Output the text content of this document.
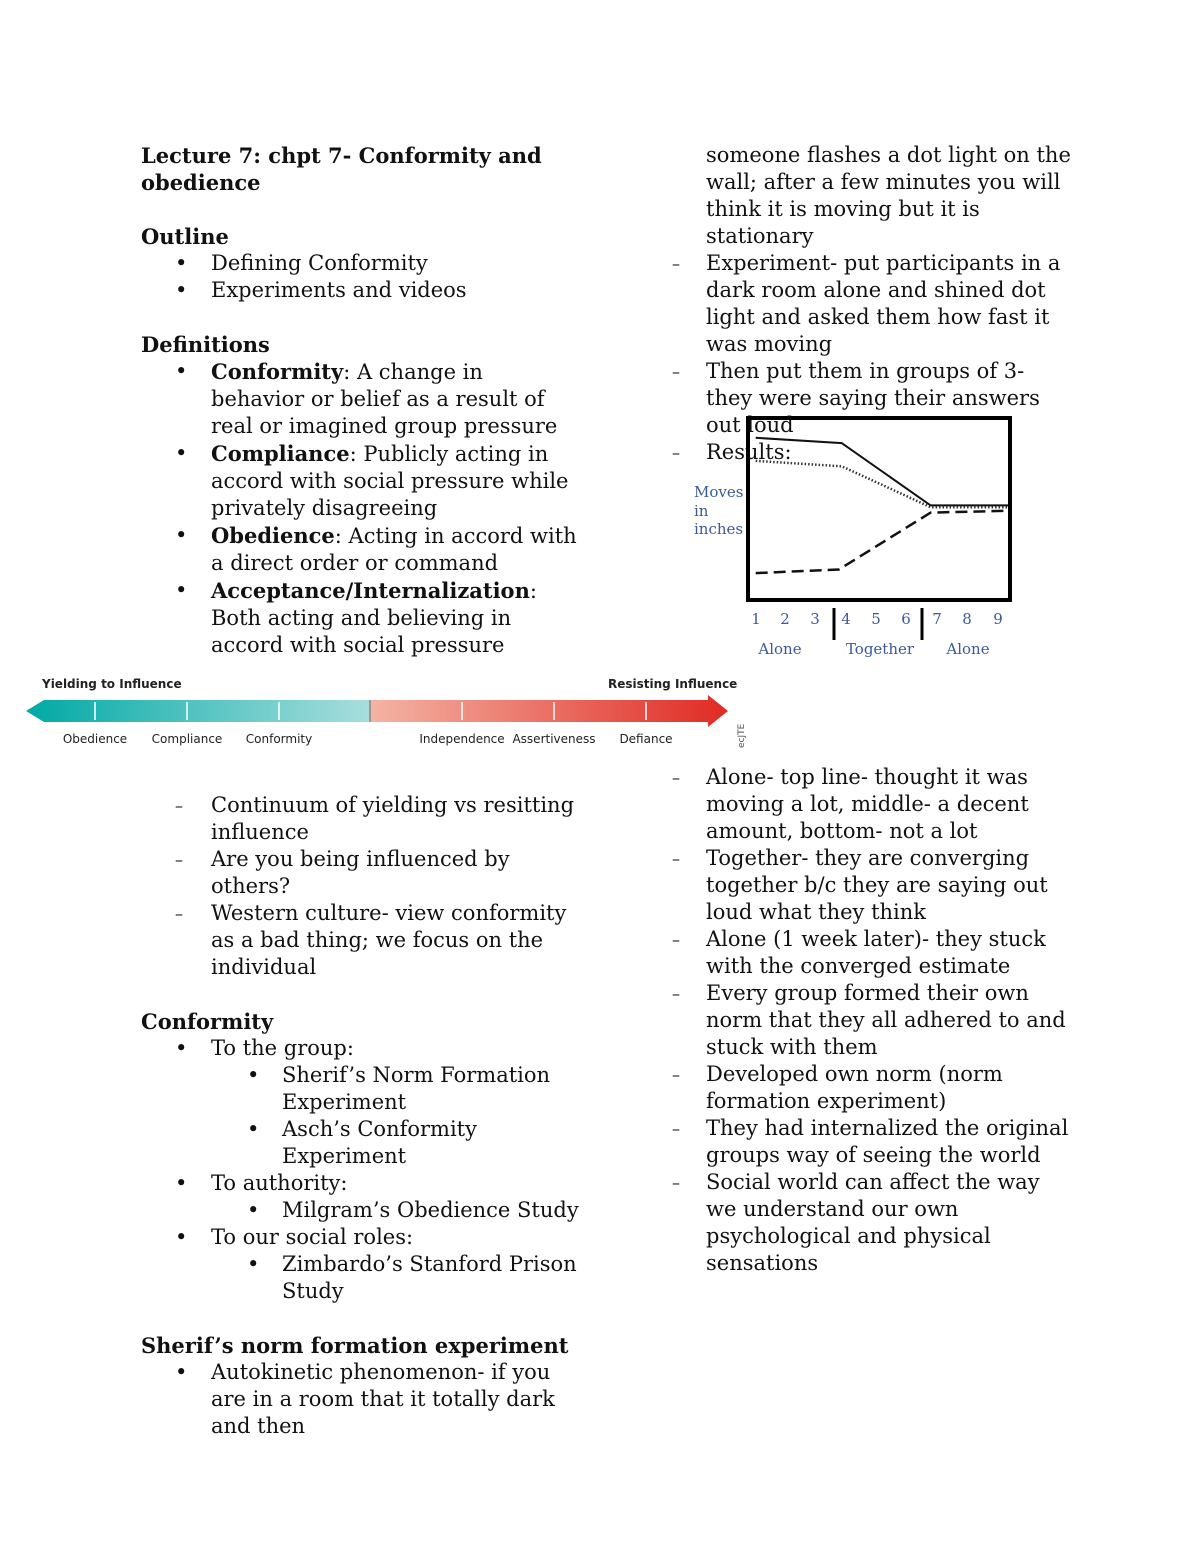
Lecture 7: chpt 7- Conformity and
obedience
Outline
• Defining Conformity
• Experiments and videos
Definitions
• Conformity: A change in behavior or belief as a result of real or imagined group pressure
• Compliance: Publicly acting in accord with social pressure while privately disagreeing
• Obedience: Acting in accord with a direct order or command
• Acceptance/Internalization: Both acting and believing in accord with social pressure
someone flashes a dot light on the wall; after a few minutes you will think it is moving but it is stationary
– Experiment- put participants in a dark room alone and shined dot light and asked them how fast it was moving
– Then put them in groups of 3- they were saying their answers out loud
– Results:
Moves
in
inches
1 2 3 4 5 6 7 8 9
Alone	Together Alone
Yielding to Influence	Resisting Influence
Obedience Compliance Conformity	Independence Assertiveness Defiance	ecJTE
– Continuum of yielding vs resitting influence
– Are you being influenced by others?
– Western culture- view conformity as a bad thing; we focus on the individual
Conformity
• To the group:
• Sherif’s Norm Formation Experiment
• Asch’s Conformity Experiment
• To authority:
• Milgram’s Obedience Study
• To our social roles:
• Zimbardo’s Stanford Prison Study
Sherif’s norm formation experiment
• Autokinetic phenomenon- if you are in a room that it totally dark and then
– Alone- top line- thought it was moving a lot, middle- a decent amount, bottom- not a lot
– Together- they are converging together b/c they are saying out loud what they think
– Alone (1 week later)- they stuck with the converged estimate
– Every group formed their own norm that they all adhered to and stuck with them
– Developed own norm (norm formation experiment)
– They had internalized the original groups way of seeing the world
– Social world can affect the way we understand our own psychological and physical sensations
